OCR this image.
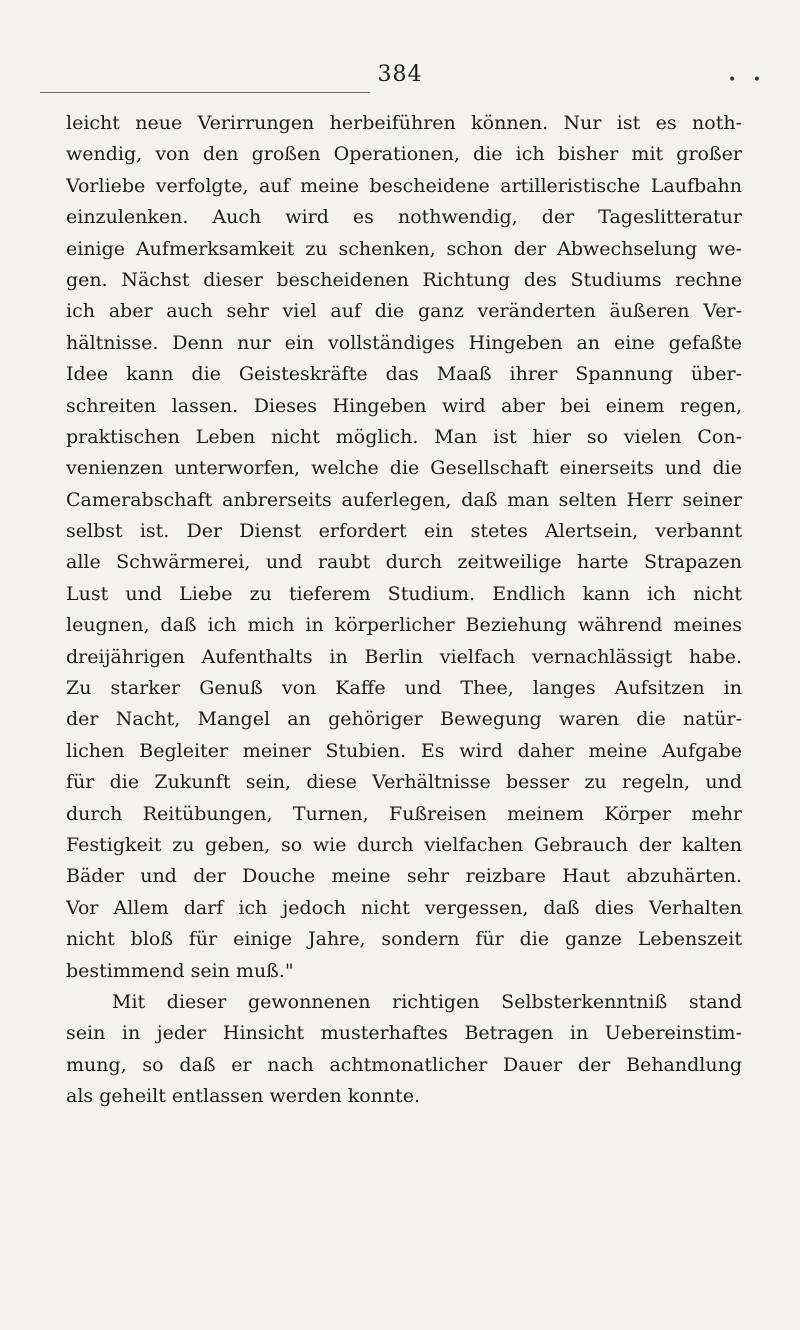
384	• •
leicht neue Verirrungen herbeiführen können. Nur ist es noth-
wendig, von den großen Operationen, die ich bisher mit großer
Vorliebe verfolgte, auf meine bescheidene artilleristische Laufbahn
einzulenken. Auch wird es nothwendig, der Tageslitteratur
einige Aufmerksamkeit zu schenken, schon der Abwechselung we-
gen. Nächst dieser bescheidenen Richtung des Studiums rechne
ich aber auch sehr viel auf die ganz veränderten äußeren Ver-
hältnisse. Denn nur ein vollständiges Hingeben an eine gefaßte
Idee kann die Geisteskräfte das Maaß ihrer Spannung über-
schreiten lassen. Dieses Hingeben wird aber bei einem regen,
praktischen Leben nicht möglich. Man ist hier so vielen Con-
venienzen unterworfen, welche die Gesellschaft einerseits und die
Camerabschaft anbrerseits auferlegen, daß man selten Herr seiner
selbst ist. Der Dienst erfordert ein stetes Alertsein, verbannt
alle Schwärmerei, und raubt durch zeitweilige harte Strapazen
Lust und Liebe zu tieferem Studium. Endlich kann ich nicht
leugnen, daß ich mich in körperlicher Beziehung während meines
dreijährigen Aufenthalts in Berlin vielfach vernachlässigt habe.
Zu starker Genuß von Kaffe und Thee, langes Aufsitzen in
der Nacht, Mangel an gehöriger Bewegung waren die natür-
lichen Begleiter meiner Stubien. Es wird daher meine Aufgabe
für die Zukunft sein, diese Verhältnisse besser zu regeln, und
durch Reitübungen, Turnen, Fußreisen meinem Körper mehr
Festigkeit zu geben, so wie durch vielfachen Gebrauch der kalten
Bäder und der Douche meine sehr reizbare Haut abzuhärten.
Vor Allem darf ich jedoch nicht vergessen, daß dies Verhalten
nicht bloß für einige Jahre, sondern für die ganze Lebenszeit
bestimmend sein muß."
Mit dieser gewonnenen richtigen Selbsterkenntniß stand
sein in jeder Hinsicht musterhaftes Betragen in Uebereinstim-
mung, so daß er nach achtmonatlicher Dauer der Behandlung
als geheilt entlassen werden konnte.
